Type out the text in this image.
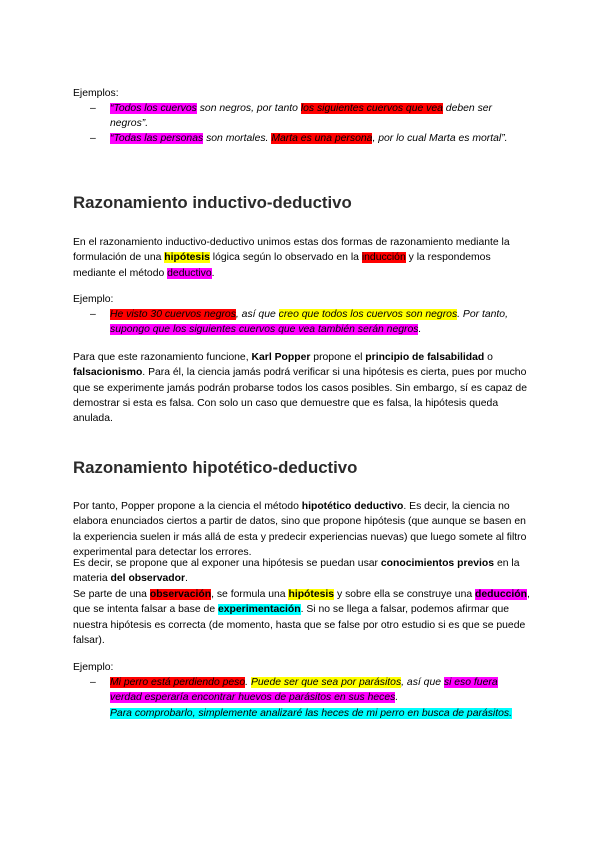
Ejemplos:

– “Todos los cuervos son negros, por tanto los siguientes cuervos que vea deben ser negros”.
– “Todas las personas son mortales. Marta es una persona, por lo cual Marta es mortal”.
Razonamiento inductivo-deductivo

En el razonamiento inductivo-deductivo unimos estas dos formas de razonamiento mediante la formulación de una hipótesis lógica según lo observado en la inducción y la respondemos mediante el método deductivo.

Ejemplo:

– He visto 30 cuervos negros, así que creo que todos los cuervos son negros. Por tanto, supongo que los siguientes cuervos que vea también serán negros.

Para que este razonamiento funcione, Karl Popper propone el principio de falsabilidad o falsacionismo. Para él, la ciencia jamás podrá verificar si una hipótesis es cierta, pues por mucho que se experimente jamás podrán probarse todos los casos posibles. Sin embargo, sí es capaz de demostrar si esta es falsa. Con solo un caso que demuestre que es falsa, la hipótesis queda anulada.

Razonamiento hipotético-deductivo

Por tanto, Popper propone a la ciencia el método hipotético deductivo. Es decir, la ciencia no elabora enunciados ciertos a partir de datos, sino que propone hipótesis (que aunque se basen en la experiencia suelen ir más allá de esta y predecir experiencias nuevas) que luego somete al filtro experimental para detectar los errores.

Es decir, se propone que al exponer una hipótesis se puedan usar conocimientos previos en la materia del observador.

Se parte de una observación, se formula una hipótesis y sobre ella se construye una deducción, que se intenta falsar a base de experimentación. Si no se llega a falsar, podemos afirmar que nuestra hipótesis es correcta (de momento, hasta que se false por otro estudio si es que se puede falsar).

Ejemplo:

– Mi perro está perdiendo peso. Puede ser que sea por parásitos, así que si eso fuera verdad esperaría encontrar huevos de parásitos en sus heces.
Para comprobarlo, simplemente analizaré las heces de mi perro en busca de parásitos.
